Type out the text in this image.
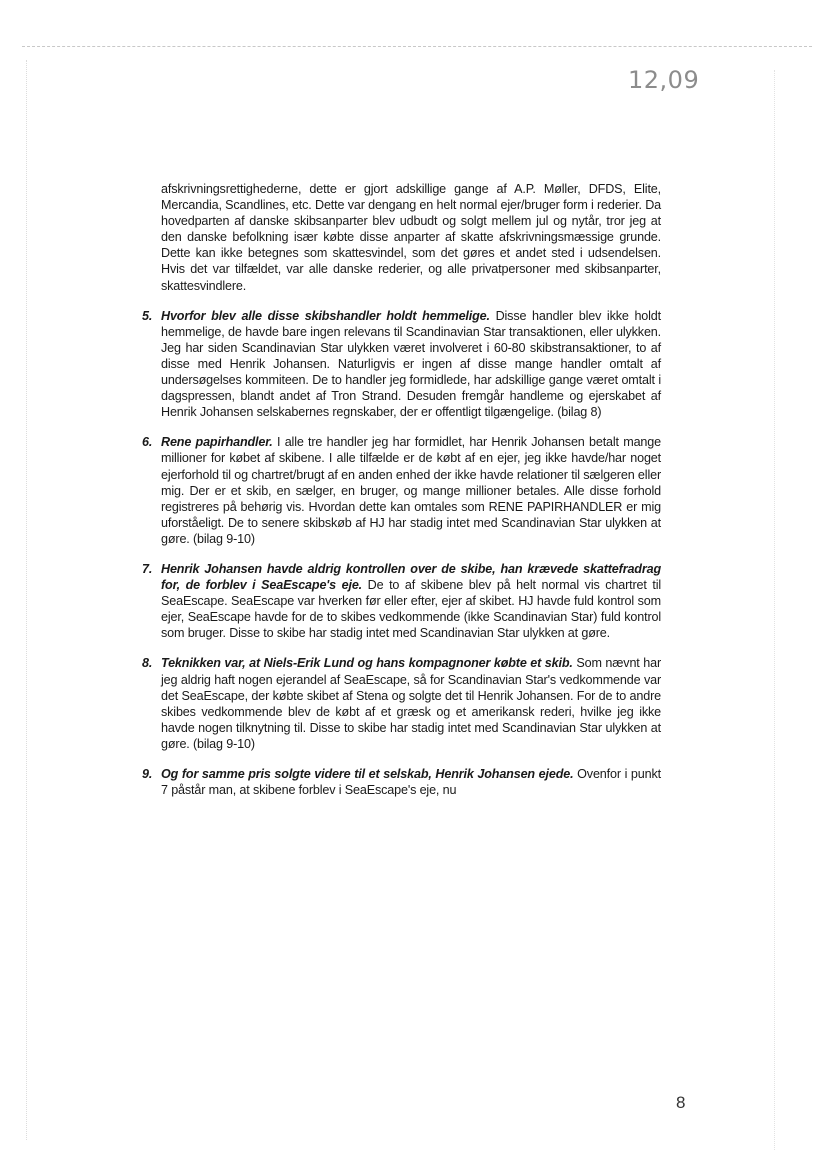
12,09

afskrivningsrettighederne, dette er gjort adskillige gange af A.P. Møller, DFDS, Elite, Mercandia, Scandlines, etc. Dette var dengang en helt normal ejer/bruger form i rederier. Da hovedparten af danske skibsanparter blev udbudt og solgt mellem jul og nytår, tror jeg at den danske befolkning især købte disse anparter af skatte afskrivningsmæssige grunde. Dette kan ikke betegnes som skattesvindel, som det gøres et andet sted i udsendelsen. Hvis det var tilfældet, var alle danske rederier, og alle privatpersoner med skibsanparter, skattesvindlere.

5. Hvorfor blev alle disse skibshandler holdt hemmelige. Disse handler blev ikke holdt hemmelige, de havde bare ingen relevans til Scandinavian Star transaktionen, eller ulykken. Jeg har siden Scandinavian Star ulykken været involveret i 60-80 skibstransaktioner, to af disse med Henrik Johansen. Naturligvis er ingen af disse mange handler omtalt af undersøgelses kommiteen. De to handler jeg formidlede, har adskillige gange været omtalt i dagspressen, blandt andet af Tron Strand. Desuden fremgår handleme og ejerskabet af Henrik Johansen selskabernes regnskaber, der er offentligt tilgængelige. (bilag 8)

6. Rene papirhandler. I alle tre handler jeg har formidlet, har Henrik Johansen betalt mange millioner for købet af skibene. I alle tilfælde er de købt af en ejer, jeg ikke havde/har noget ejerforhold til og chartret/brugt af en anden enhed der ikke havde relationer til sælgeren eller mig. Der er et skib, en sælger, en bruger, og mange millioner betales. Alle disse forhold registreres på behørig vis. Hvordan dette kan omtales som RENE PAPIRHANDLER er mig uforståeligt. De to senere skibskøb af HJ har stadig intet med Scandinavian Star ulykken at gøre. (bilag 9-10)

7. Henrik Johansen havde aldrig kontrollen over de skibe, han krævede skattefradrag for, de forblev i SeaEscape's eje. De to af skibene blev på helt normal vis chartret til SeaEscape. SeaEscape var hverken før eller efter, ejer af skibet. HJ havde fuld kontrol som ejer, SeaEscape havde for de to skibes vedkommende (ikke Scandinavian Star) fuld kontrol som bruger. Disse to skibe har stadig intet med Scandinavian Star ulykken at gøre.

8. Teknikken var, at Niels-Erik Lund og hans kompagnoner købte et skib. Som nævnt har jeg aldrig haft nogen ejerandel af SeaEscape, så for Scandinavian Star's vedkommende var det SeaEscape, der købte skibet af Stena og solgte det til Henrik Johansen. For de to andre skibes vedkommende blev de købt af et græsk og et amerikansk rederi, hvilke jeg ikke havde nogen tilknytning til. Disse to skibe har stadig intet med Scandinavian Star ulykken at gøre. (bilag 9-10)

9. Og for samme pris solgte videre til et selskab, Henrik Johansen ejede. Ovenfor i punkt 7 påstår man, at skibene forblev i SeaEscape's eje, nu

8
